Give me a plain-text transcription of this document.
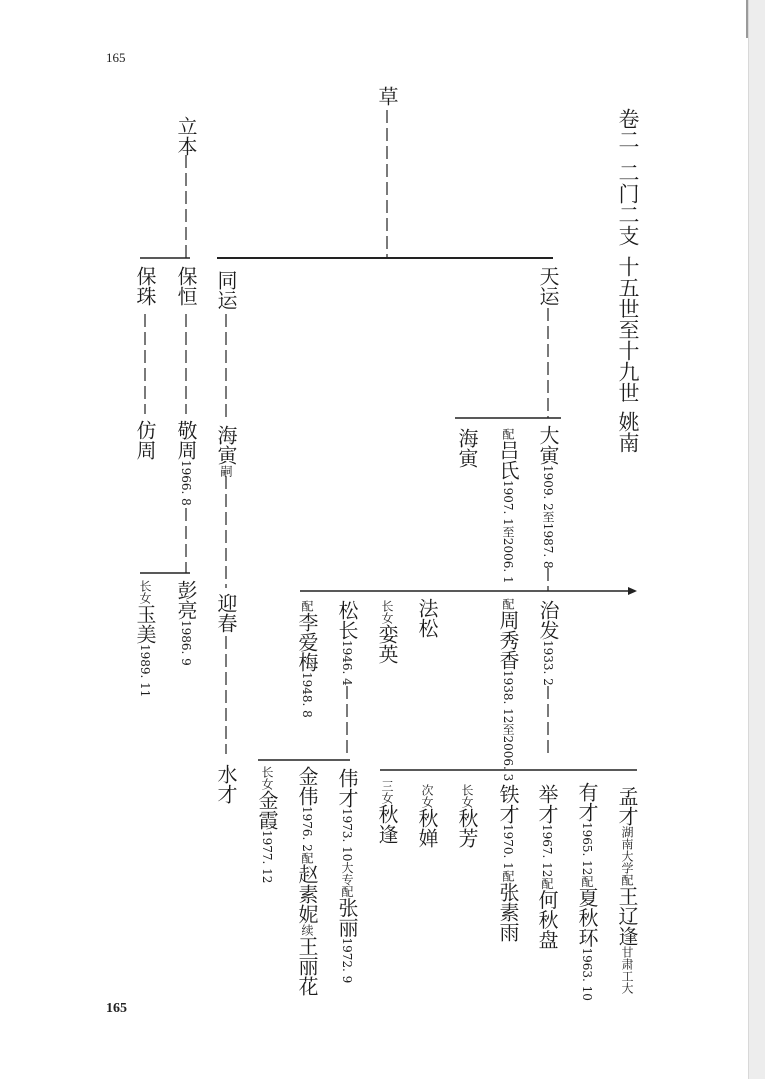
165
165
卷二二门二支十五世至十九世姚南
草
立本
保珠 保恒 同运	天运
仿周 敬周1966. 8
海寅嗣
海寅	配吕氏1907. 1至2006. 1
大寅1909. 2至1987. 8
长女玉美1989. 11
彭亮1986. 9
迎春	配李爱梅1948. 8
松长1946. 4
长女娈英
法松	配周秀香1938. 12至2006. 3
治发1933. 2
水才	长女金霞1977. 12
金伟1976. 2配赵素妮续王丽花
伟才1973. 10大专配张丽1972. 9
三女秋逢
次女秋婵
长女秋芳
铁才1970. 1配张素雨
举才1967. 12配何秋盘
有才1965. 12配夏秋环1963. 10
孟才湖南大学配王辽逢甘肃工大
